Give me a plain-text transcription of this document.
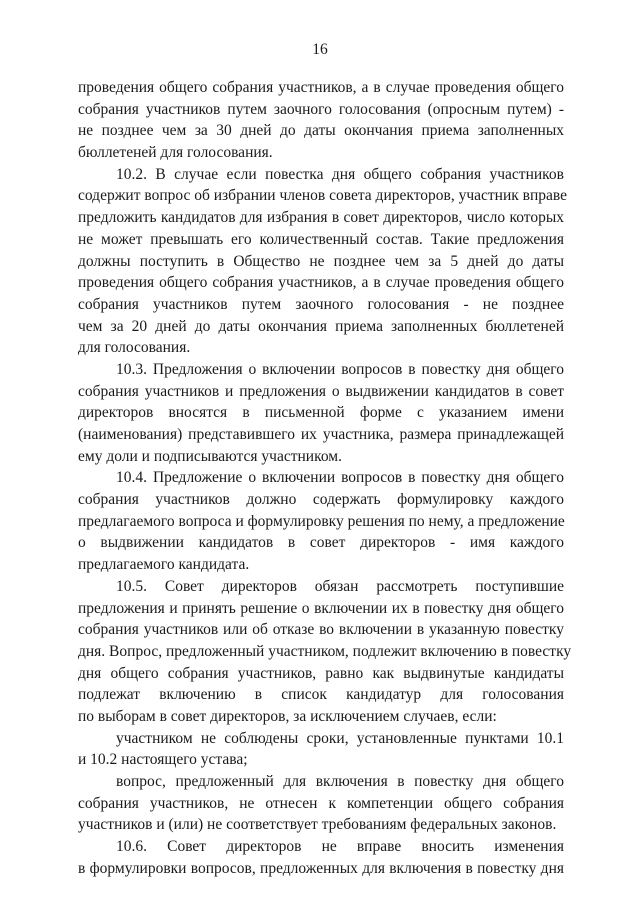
16
проведения общего собрания участников, а в случае проведения общего
собрания участников путем заочного голосования (опросным путем) -
не позднее чем за 30 дней до даты окончания приема заполненных
бюллетеней для голосования.
10.2. В случае если повестка дня общего собрания участников
содержит вопрос об избрании членов совета директоров, участник вправе
предложить кандидатов для избрания в совет директоров, число которых
не может превышать его количественный состав. Такие предложения
должны поступить в Общество не позднее чем за 5 дней до даты
проведения общего собрания участников, а в случае проведения общего
собрания участников путем заочного голосования - не позднее
чем за 20 дней до даты окончания приема заполненных бюллетеней
для голосования.
10.3. Предложения о включении вопросов в повестку дня общего
собрания участников и предложения о выдвижении кандидатов в совет
директоров вносятся в письменной форме с указанием имени
(наименования) представившего их участника, размера принадлежащей
ему доли и подписываются участником.
10.4. Предложение о включении вопросов в повестку дня общего
собрания участников должно содержать формулировку каждого
предлагаемого вопроса и формулировку решения по нему, а предложение
о выдвижении кандидатов в совет директоров - имя каждого
предлагаемого кандидата.
10.5. Совет директоров обязан рассмотреть поступившие
предложения и принять решение о включении их в повестку дня общего
собрания участников или об отказе во включении в указанную повестку
дня. Вопрос, предложенный участником, подлежит включению в повестку
дня общего собрания участников, равно как выдвинутые кандидаты
подлежат включению в список кандидатур для голосования
по выборам в совет директоров, за исключением случаев, если:
участником не соблюдены сроки, установленные пунктами 10.1
и 10.2 настоящего устава;
вопрос, предложенный для включения в повестку дня общего
собрания участников, не отнесен к компетенции общего собрания
участников и (или) не соответствует требованиям федеральных законов.
10.6. Совет директоров не вправе вносить изменения
в формулировки вопросов, предложенных для включения в повестку дня
